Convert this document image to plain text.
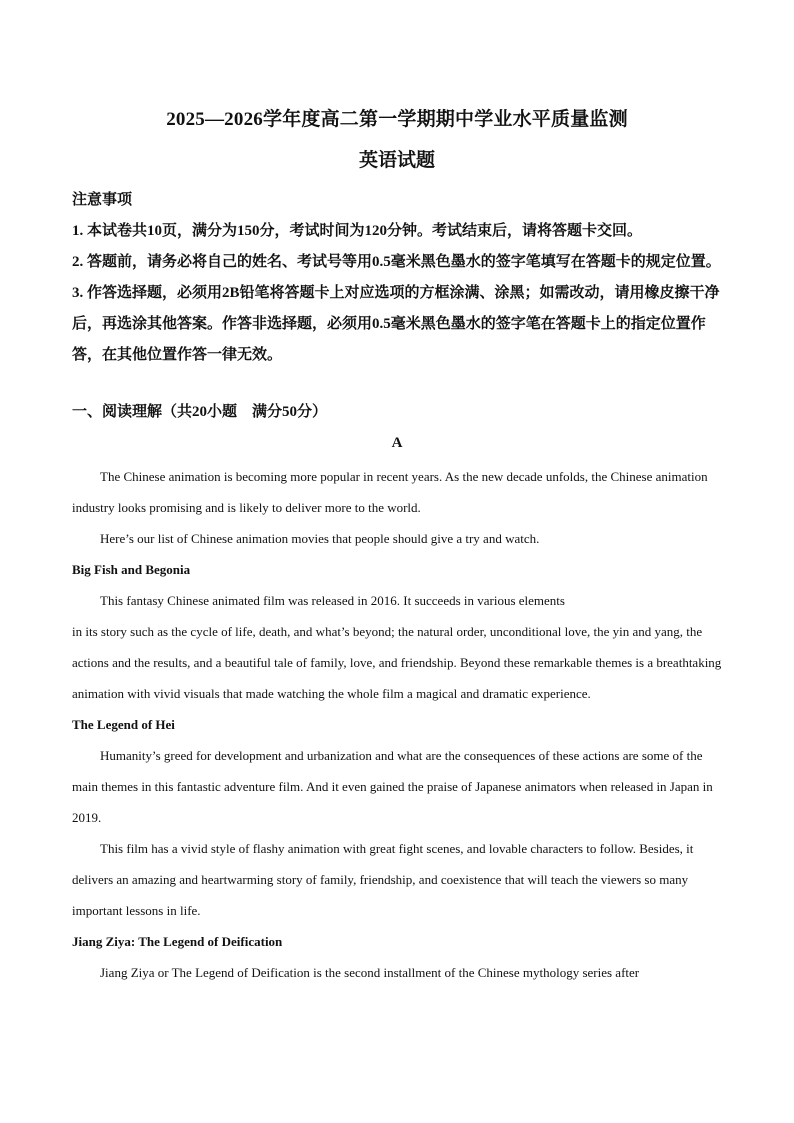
2025—2026学年度高二第一学期期中学业水平质量监测
英语试题

注意事项

1. 本试卷共10页，满分为150分，考试时间为120分钟。考试结束后，请将答题卡交回。

2. 答题前，请务必将自己的姓名、考试号等用0.5毫米黑色墨水的签字笔填写在答题卡的规定位置。

3. 作答选择题，必须用2B铅笔将答题卡上对应选项的方框涂满、涂黑；如需改动，请用橡皮擦干净后，再选涂其他答案。作答非选择题，必须用0.5毫米黑色墨水的签字笔在答题卡上的指定位置作答，在其他位置作答一律无效。

一、阅读理解（共20小题　满分50分）
A

The Chinese animation is becoming more popular in recent years. As the new decade unfolds, the Chinese animation industry looks promising and is likely to deliver more to the world.

Here’s our list of Chinese animation movies that people should give a try and watch.

Big Fish and Begonia

This fantasy Chinese animated film was released in 2016. It succeeds in various elements

in its story such as the cycle of life, death, and what’s beyond; the natural order, unconditional love, the yin and yang, the actions and the results, and a beautiful tale of family, love, and friendship. Beyond these remarkable themes is a breathtaking animation with vivid visuals that made watching the whole film a magical and dramatic experience.

The Legend of Hei

Humanity’s greed for development and urbanization and what are the consequences of these actions are some of the main themes in this fantastic adventure film. And it even gained the praise of Japanese animators when released in Japan in 2019.

This film has a vivid style of flashy animation with great fight scenes, and lovable characters to follow. Besides, it delivers an amazing and heartwarming story of family, friendship, and coexistence that will teach the viewers so many important lessons in life.

Jiang Ziya: The Legend of Deification

Jiang Ziya or The Legend of Deification is the second installment of the Chinese mythology series after
